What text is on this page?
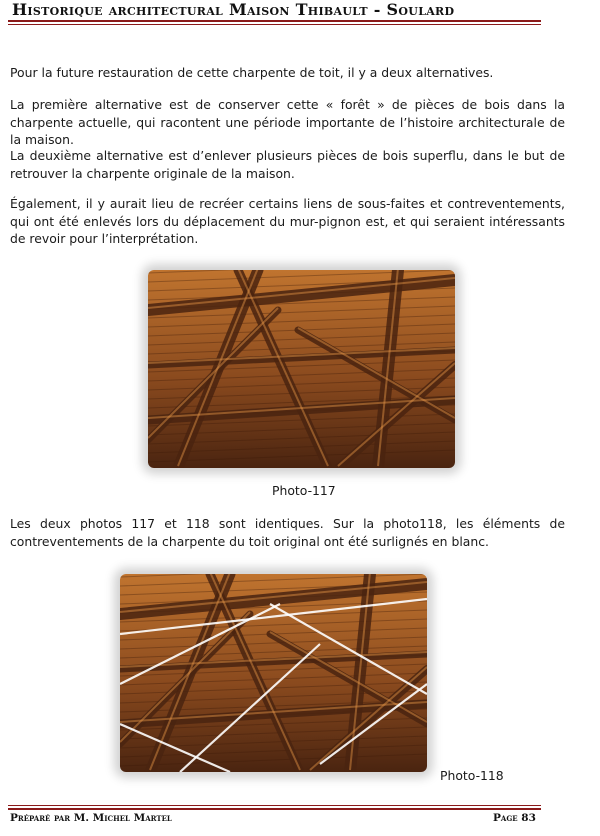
Historique architectural Maison Thibault - Soulard

Pour la future restauration de cette charpente de toit, il y a deux alternatives.

La première alternative est de conserver cette « forêt » de pièces de bois dans la charpente actuelle, qui racontent une période importante de l’histoire architecturale de la maison.

La deuxième alternative est d’enlever plusieurs pièces de bois superflu, dans le but de retrouver la charpente originale de la maison.

Également, il y aurait lieu de recréer certains liens de sous-faites et contreventements, qui ont été enlevés lors du déplacement du mur-pignon est, et qui seraient intéressants de revoir pour l’interprétation.

Photo-117

Les deux photos 117 et 118 sont identiques. Sur la photo118, les éléments de contreventements de la charpente du toit original ont été surlignés en blanc.

Photo-118
Préparé par M. Michel Martel	Page 83
